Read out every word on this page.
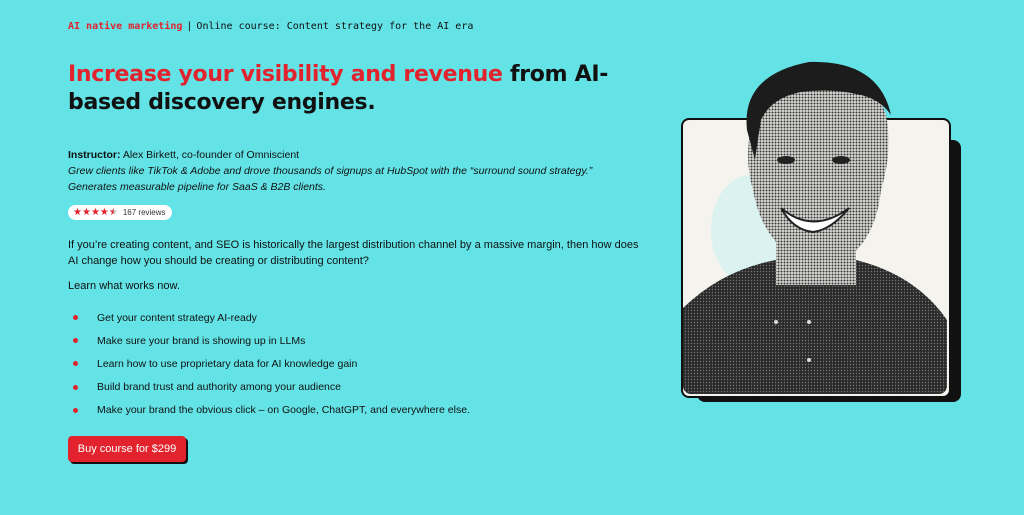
AI native marketing | Online course: Content strategy for the AI era
Increase your visibility and revenue from AI-based discovery engines.
Instructor: Alex Birkett, co-founder of Omniscient
Grew clients like TikTok & Adobe and drove thousands of signups at HubSpot with the “surround sound strategy.”
Generates measurable pipeline for SaaS & B2B clients.
★ ★ ★ ★ ★ 167 reviews
If you’re creating content, and SEO is historically the largest distribution channel by a massive margin, then how does AI change how you should be creating or distributing content?
Learn what works now.
Get your content strategy AI-ready
Make sure your brand is showing up in LLMs
Learn how to use proprietary data for AI knowledge gain
Build brand trust and authority among your audience
Make your brand the obvious click – on Google, ChatGPT, and everywhere else.
Buy course for $299
